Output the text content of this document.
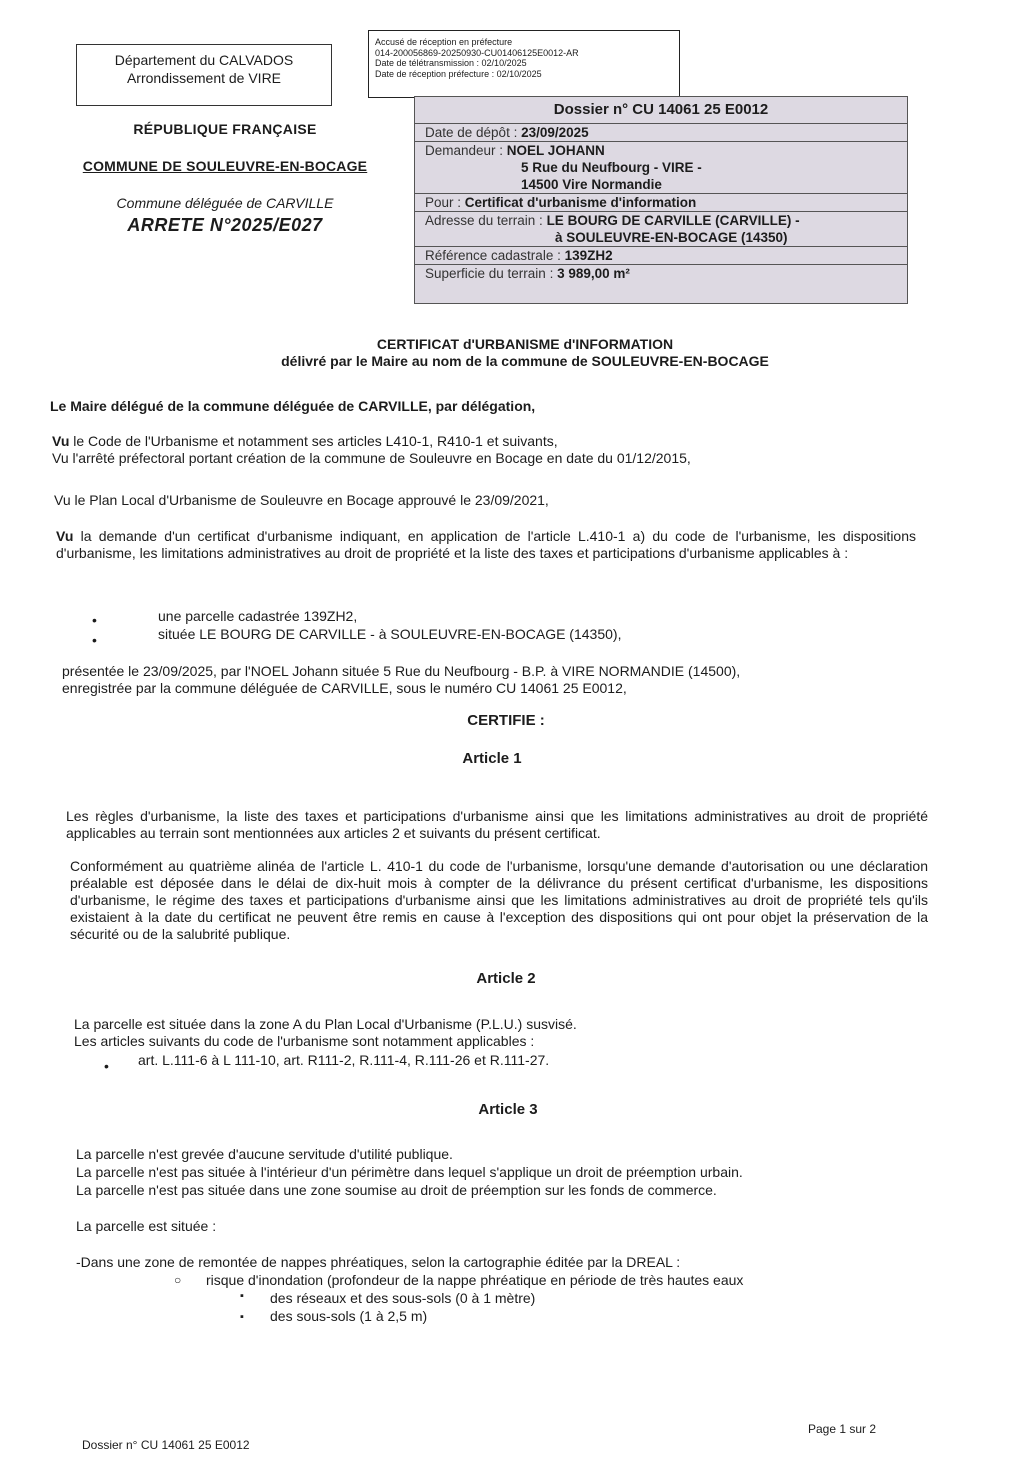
Département du CALVADOS
Arrondissement de VIRE
Accusé de réception en préfecture
014-200056869-20250930-CU01406125E0012-AR
Date de télétransmission : 02/10/2025
Date de réception préfecture : 02/10/2025
RÉPUBLIQUE FRANÇAISE
COMMUNE DE SOULEUVRE-EN-BOCAGE
Commune déléguée de CARVILLE
ARRETE N°2025/E027
Dossier n° CU 14061 25 E0012
Date de dépôt : 23/09/2025
Demandeur : NOEL JOHANN
5 Rue du Neufbourg - VIRE -
14500 Vire Normandie
Pour : Certificat d'urbanisme d'information
Adresse du terrain : LE BOURG DE CARVILLE (CARVILLE) -
à SOULEUVRE-EN-BOCAGE (14350)
Référence cadastrale : 139ZH2
Superficie du terrain : 3 989,00 m²
CERTIFICAT d'URBANISME d'INFORMATION
délivré par le Maire au nom de la commune de SOULEUVRE-EN-BOCAGE
Le Maire délégué de la commune déléguée de CARVILLE, par délégation,
Vu le Code de l'Urbanisme et notamment ses articles L410-1, R410-1 et suivants,
Vu l'arrêté préfectoral portant création de la commune de Souleuvre en Bocage en date du 01/12/2015,
Vu le Plan Local d'Urbanisme de Souleuvre en Bocage approuvé le 23/09/2021,
Vu la demande d'un certificat d'urbanisme indiquant, en application de l'article L.410-1 a) du code de l'urbanisme, les dispositions d'urbanisme, les limitations administratives au droit de propriété et la liste des taxes et participations d'urbanisme applicables à :
•	une parcelle cadastrée 139ZH2,
•	située LE BOURG DE CARVILLE - à SOULEUVRE-EN-BOCAGE (14350),
présentée le 23/09/2025, par l'NOEL Johann située 5 Rue du Neufbourg - B.P. à VIRE NORMANDIE (14500),
enregistrée par la commune déléguée de CARVILLE, sous le numéro CU 14061 25 E0012,
CERTIFIE :
Article 1
Les règles d'urbanisme, la liste des taxes et participations d'urbanisme ainsi que les limitations administratives au droit de propriété applicables au terrain sont mentionnées aux articles 2 et suivants du présent certificat.
Conformément au quatrième alinéa de l'article L. 410-1 du code de l'urbanisme, lorsqu'une demande d'autorisation ou une déclaration préalable est déposée dans le délai de dix-huit mois à compter de la délivrance du présent certificat d'urbanisme, les dispositions d'urbanisme, le régime des taxes et participations d'urbanisme ainsi que les limitations administratives au droit de propriété tels qu'ils existaient à la date du certificat ne peuvent être remis en cause à l'exception des dispositions qui ont pour objet la préservation de la sécurité ou de la salubrité publique.
Article 2
La parcelle est située dans la zone A du Plan Local d'Urbanisme (P.L.U.) susvisé.
Les articles suivants du code de l'urbanisme sont notamment applicables :
• art. L.111-6 à L 111-10, art. R111-2, R.111-4, R.111-26 et R.111-27.
Article 3
La parcelle n'est grevée d'aucune servitude d'utilité publique.
La parcelle n'est pas située à l'intérieur d'un périmètre dans lequel s'applique un droit de préemption urbain.
La parcelle n'est pas située dans une zone soumise au droit de préemption sur les fonds de commerce.
La parcelle est située :
-Dans une zone de remontée de nappes phréatiques, selon la cartographie éditée par la DREAL :
○ risque d'inondation (profondeur de la nappe phréatique en période de très hautes eaux
▪ des réseaux et des sous-sols (0 à 1 mètre)
▪ des sous-sols (1 à 2,5 m)
Dossier n° CU 14061 25 E0012
Page 1 sur 2
